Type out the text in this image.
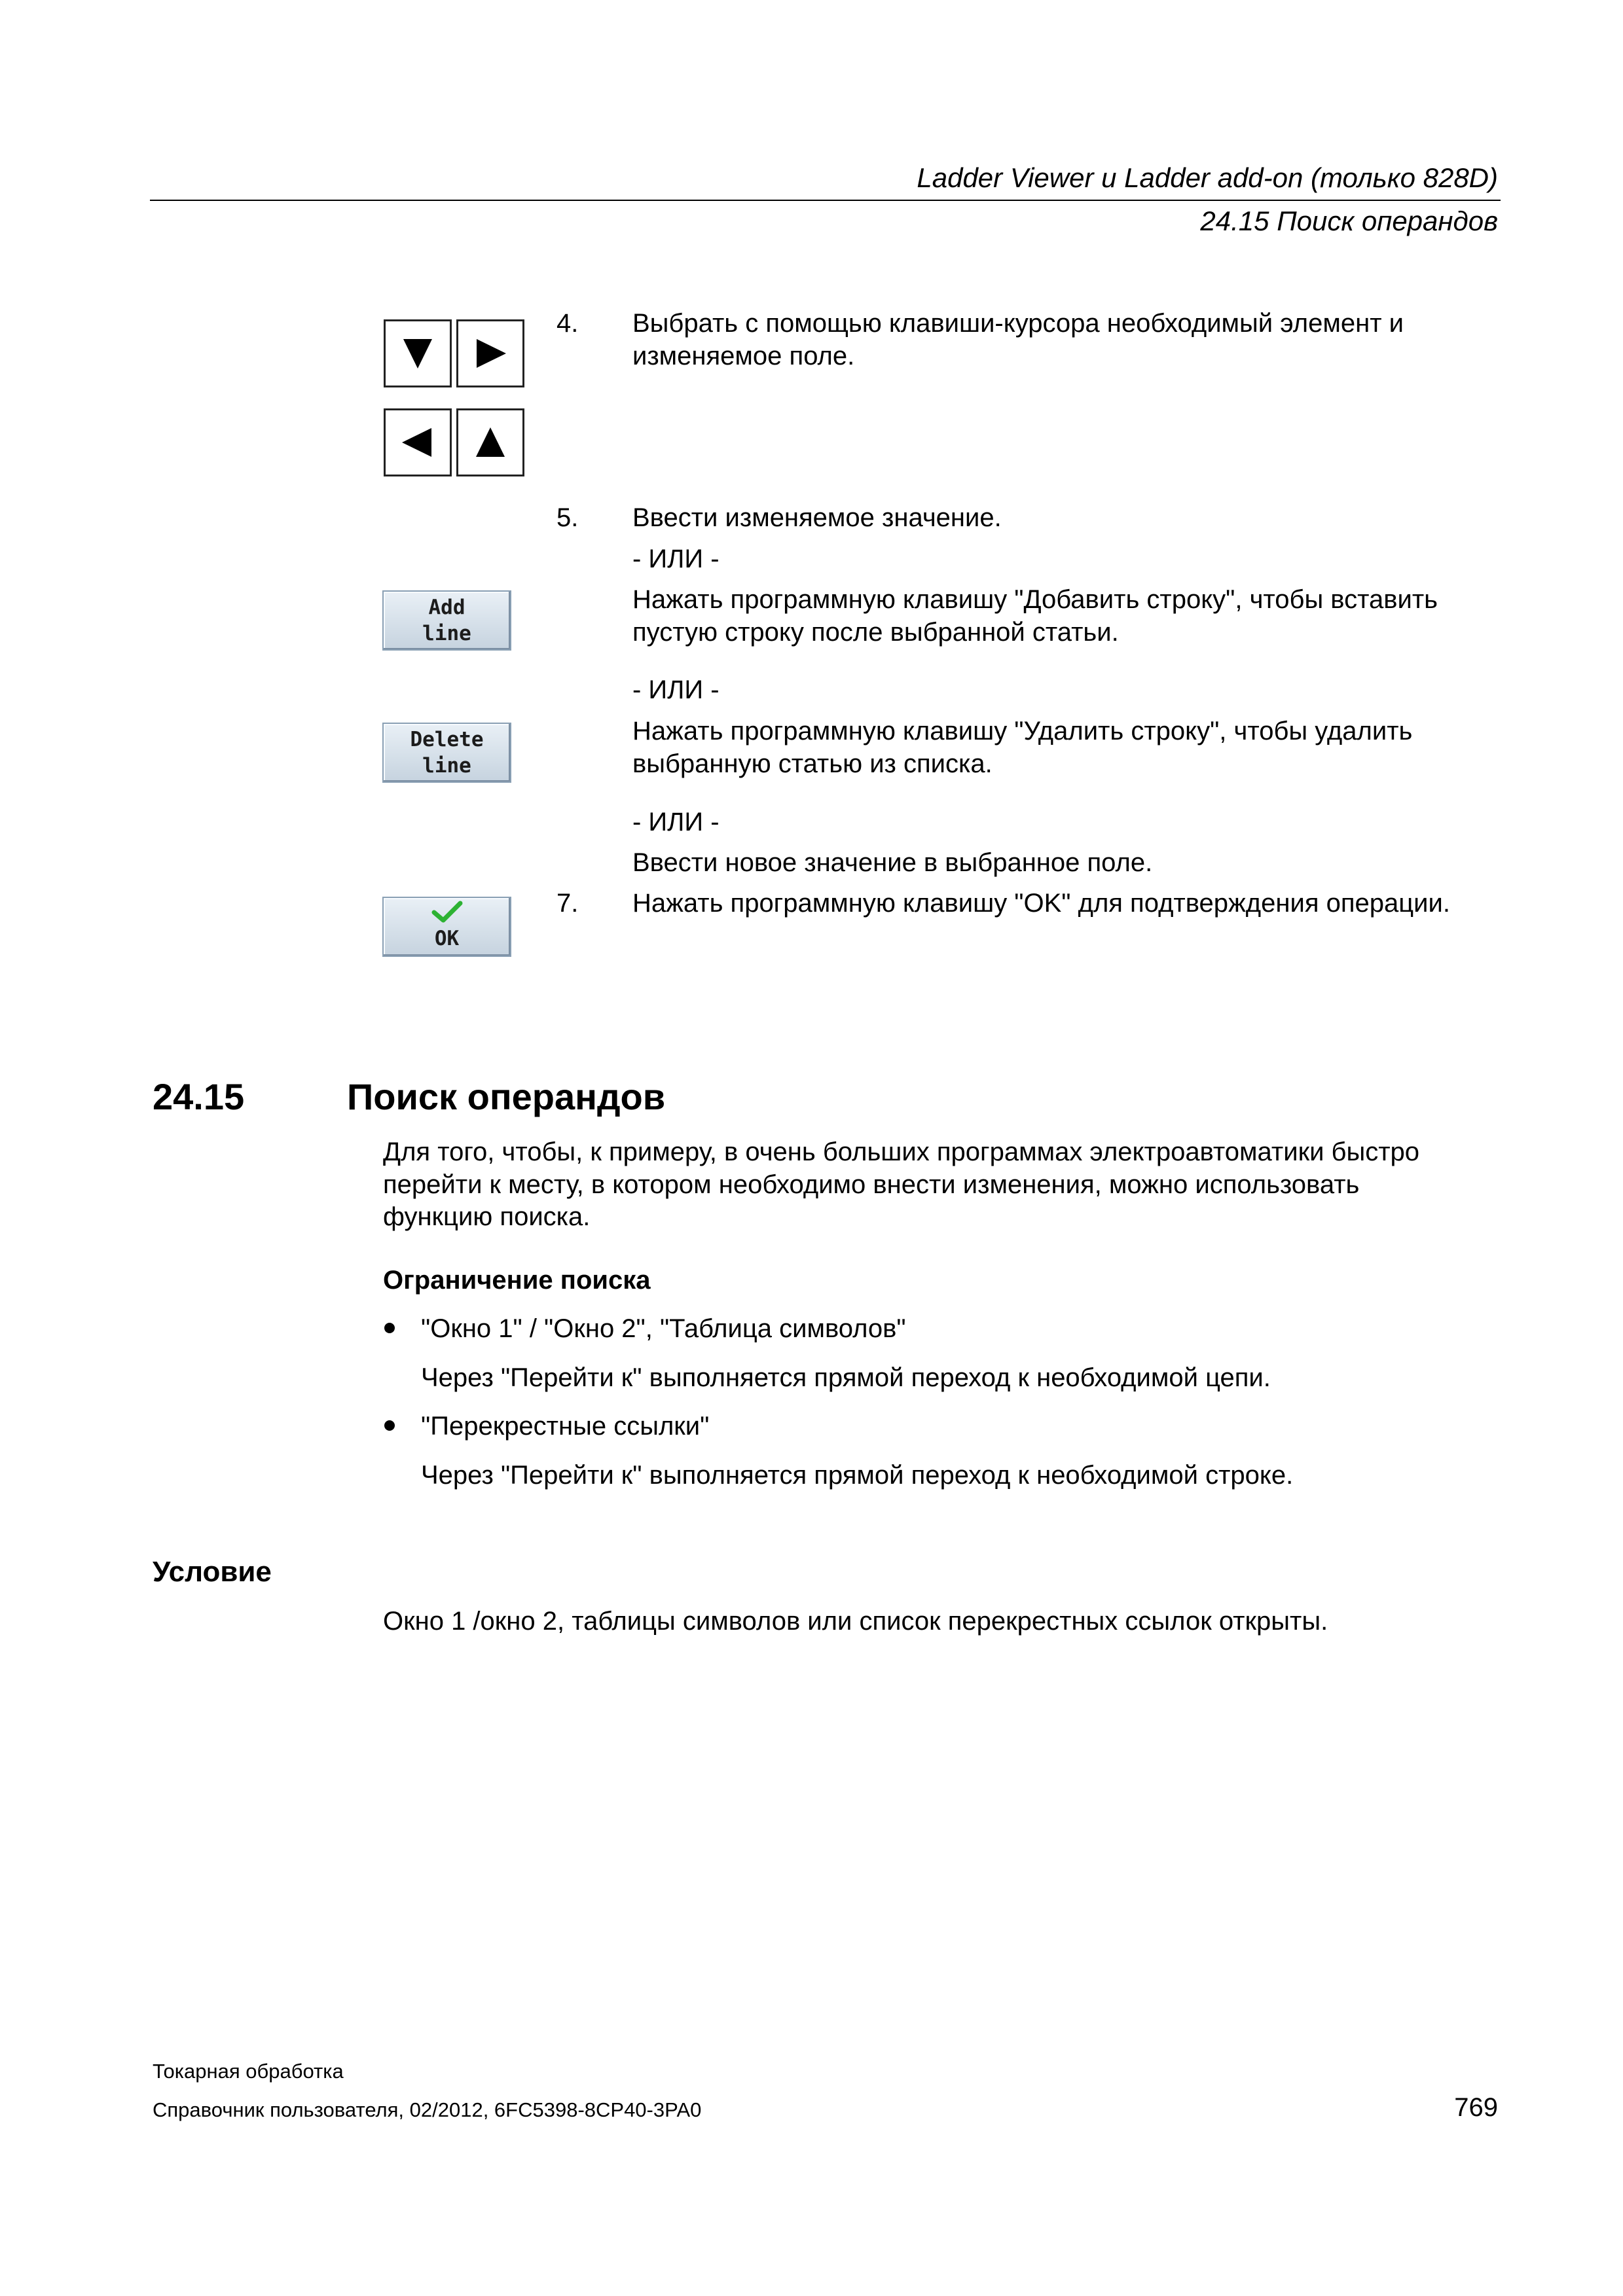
Ladder Viewer и Ladder add-on (только 828D)
24.15 Поиск операндов
4. Выбрать с помощью клавиши-курсора необходимый элемент и
изменяемое поле.
5. Ввести изменяемое значение.
- ИЛИ -
Add
line
Нажать программную клавишу "Добавить строку", чтобы вставить
пустую строку после выбранной статьи.
- ИЛИ -
Delete
line
Нажать программную клавишу "Удалить строку", чтобы удалить
выбранную статью из списка.
- ИЛИ -
Ввести новое значение в выбранное поле.
OK
7. Нажать программную клавишу "OK" для подтверждения операции.
24.15	Поиск операндов
Для того, чтобы, к примеру, в очень больших программах электроавтоматики быстро
перейти к месту, в котором необходимо внести изменения, можно использовать
функцию поиска.
Ограничение поиска
"Окно 1" / "Окно 2", "Таблица символов"
Через "Перейти к" выполняется прямой переход к необходимой цепи.
"Перекрестные ссылки"
Через "Перейти к" выполняется прямой переход к необходимой строке.
Условие
Окно 1 /окно 2, таблицы символов или список перекрестных ссылок открыты.
Токарная обработка
Справочник пользователя, 02/2012, 6FC5398-8CP40-3PA0	769
